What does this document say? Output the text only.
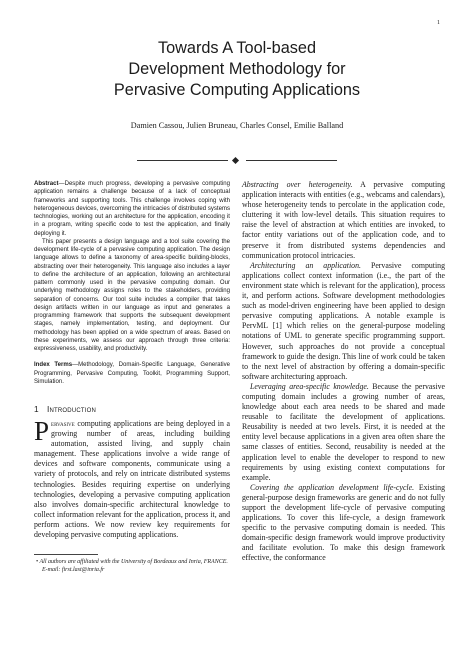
1
Towards A Tool-based
Development Methodology for
Pervasive Computing Applications
Damien Cassou, Julien Bruneau, Charles Consel, Emilie Balland

Abstract—Despite much progress, developing a pervasive computing application remains a challenge because of a lack of conceptual frameworks and supporting tools. This challenge involves coping with heterogeneous devices, overcoming the intricacies of distributed systems technologies, working out an architecture for the application, encoding it in a program, writing specific code to test the application, and finally deploying it.

This paper presents a design language and a tool suite covering the development life-cycle of a pervasive computing application. The design language allows to define a taxonomy of area-specific building-blocks, abstracting over their heterogeneity. This language also includes a layer to define the architecture of an application, following an architectural pattern commonly used in the pervasive computing domain. Our underlying methodology assigns roles to the stakeholders, providing separation of concerns. Our tool suite includes a compiler that takes design artifacts written in our language as input and generates a programming framework that supports the subsequent development stages, namely implementation, testing, and deployment. Our methodology has been applied on a wide spectrum of areas. Based on these experiments, we assess our approach through three criteria: expressiveness, usability, and productivity.

Index Terms—Methodology, Domain-Specific Language, Generative Programming, Pervasive Computing, Toolkit, Programming Support, Simulation.

1 Introduction

Pervasive computing applications are being deployed in a growing number of areas, including building automation, assisted living, and supply chain management. These applications involve a wide range of devices and software components, communicate using a variety of protocols, and rely on intricate distributed systems technologies. Besides requiring expertise on underlying technologies, developing a pervasive computing application also involves domain-specific architectural knowledge to collect information relevant for the application, process it, and perform actions. We now review key requirements for developing pervasive computing applications.

• All authors are affiliated with the University of Bordeaux and Inria, FRANCE. E-mail: first.last@inria.fr

Abstracting over heterogeneity. A pervasive computing application interacts with entities (e.g., webcams and calendars), whose heterogeneity tends to percolate in the application code, cluttering it with low-level details. This situation requires to raise the level of abstraction at which entities are invoked, to factor entity variations out of the application code, and to preserve it from distributed systems dependencies and communication protocol intricacies.

Architecturing an application. Pervasive computing applications collect context information (i.e., the part of the environment state which is relevant for the application), process it, and perform actions. Software development methodologies such as model-driven engineering have been applied to design pervasive computing applications. A notable example is PervML [1] which relies on the general-purpose modeling notations of UML to generate specific programming support. However, such approaches do not provide a conceptual framework to guide the design. This line of work could be taken to the next level of abstraction by offering a domain-specific software architecturing approach.

Leveraging area-specific knowledge. Because the pervasive computing domain includes a growing number of areas, knowledge about each area needs to be shared and made reusable to facilitate the development of applications. Reusability is needed at two levels. First, it is needed at the entity level because applications in a given area often share the same classes of entities. Second, reusability is needed at the application level to enable the developer to respond to new requirements by using existing context computations for example.

Covering the application development life-cycle. Existing general-purpose design frameworks are generic and do not fully support the development life-cycle of pervasive computing applications. To cover this life-cycle, a design framework specific to the pervasive computing domain is needed. This domain-specific design framework would improve productivity and facilitate evolution. To make this design framework effective, the conformance
